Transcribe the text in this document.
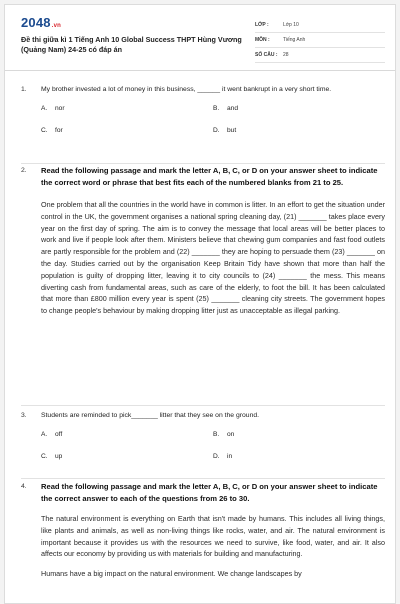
2048.vn
Đề thi giữa kì 1 Tiếng Anh 10 Global Success THPT Hùng Vương (Quảng Nam) 24-25 có đáp án
LỚP :	Lớp 10
MÔN :	Tiếng Anh
SỐ CÂU :	28
1.	My brother invested a lot of money in this business, ______ it went bankrupt in a very short time.
A. nor	B. and
C. for	D. but
2.	Read the following passage and mark the letter A, B, C, or D on your answer sheet to indicate the correct word or phrase that best fits each of the numbered blanks from 21 to 25.
One problem that all the countries in the world have in common is litter. In an effort to get the situation under control in the UK, the government organises a national spring cleaning day, (21) _______ takes place every year on the first day of spring. The aim is to convey the message that local areas will be better places to work and live if people look after them. Ministers believe that chewing gum companies and fast food outlets are partly responsible for the problem and (22) _______ they are hoping to persuade them (23) _______ on the day. Studies carried out by the organisation Keep Britain Tidy have shown that more than half the population is guilty of dropping litter, leaving it to city councils to (24) _______ the mess. This means diverting cash from fundamental areas, such as care of the elderly, to foot the bill. It has been calculated that more than £800 million every year is spent (25) _______ cleaning city streets. The government hopes to change people's behaviour by making dropping litter just as unacceptable as illegal parking.
3.	Students are reminded to pick_______ litter that they see on the ground.
A. off	B. on
C. up	D. in
4.	Read the following passage and mark the letter A, B, C, or D on your answer sheet to indicate the correct answer to each of the questions from 26 to 30.
The natural environment is everything on Earth that isn't made by humans. This includes all living things, like plants and animals, as well as non-living things like rocks, water, and air. The natural environment is important because it provides us with the resources we need to survive, like food, water, and air. It also affects our economy by providing us with materials for building and manufacturing.
Humans have a big impact on the natural environment. We change landscapes by
